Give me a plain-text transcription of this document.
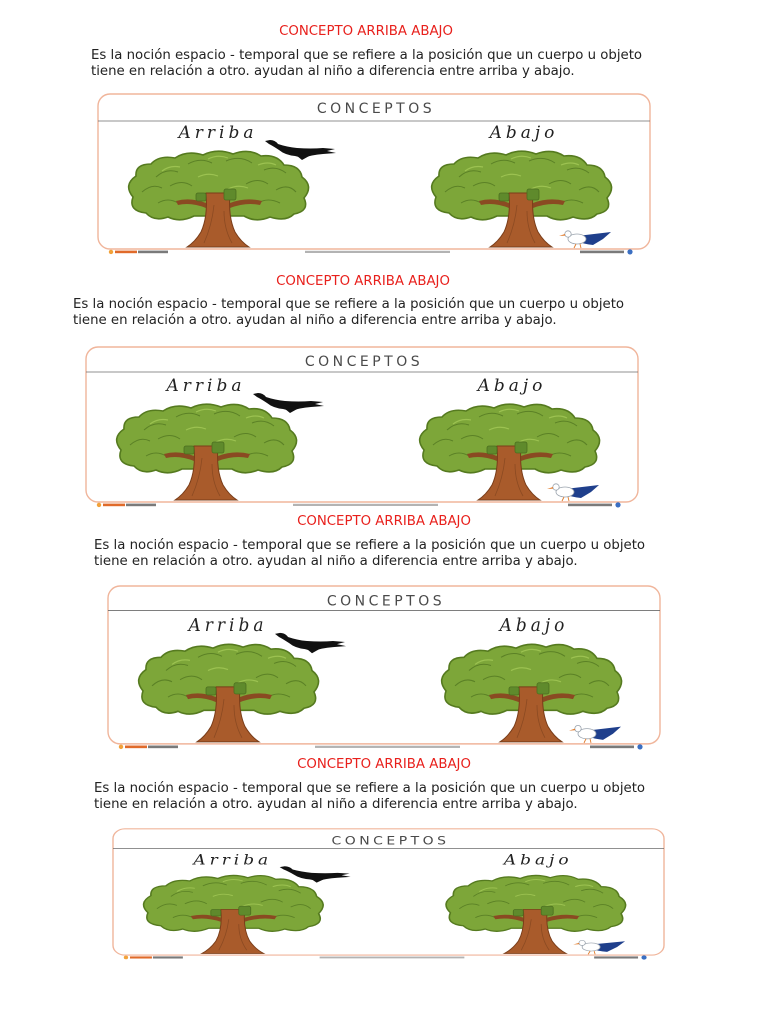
CONCEPTO ARRIBA ABAJO
Es la noción espacio - temporal que se refiere a la posición que un cuerpo u objeto
tiene en relación a otro. ayudan al niño a diferencia entre arriba y abajo.
CONCEPTOS
Arriba	Abajo
CONCEPTO ARRIBA ABAJO
Es la noción espacio - temporal que se refiere a la posición que un cuerpo u objeto
tiene en relación a otro. ayudan al niño a diferencia entre arriba y abajo.
CONCEPTOS
Arriba	Abajo
CONCEPTO ARRIBA ABAJO
Es la noción espacio - temporal que se refiere a la posición que un cuerpo u objeto
tiene en relación a otro. ayudan al niño a diferencia entre arriba y abajo.
CONCEPTOS
Arriba	Abajo
CONCEPTO ARRIBA ABAJO
Es la noción espacio - temporal que se refiere a la posición que un cuerpo u objeto
tiene en relación a otro. ayudan al niño a diferencia entre arriba y abajo.
CONCEPTOS
Arriba	Abajo
